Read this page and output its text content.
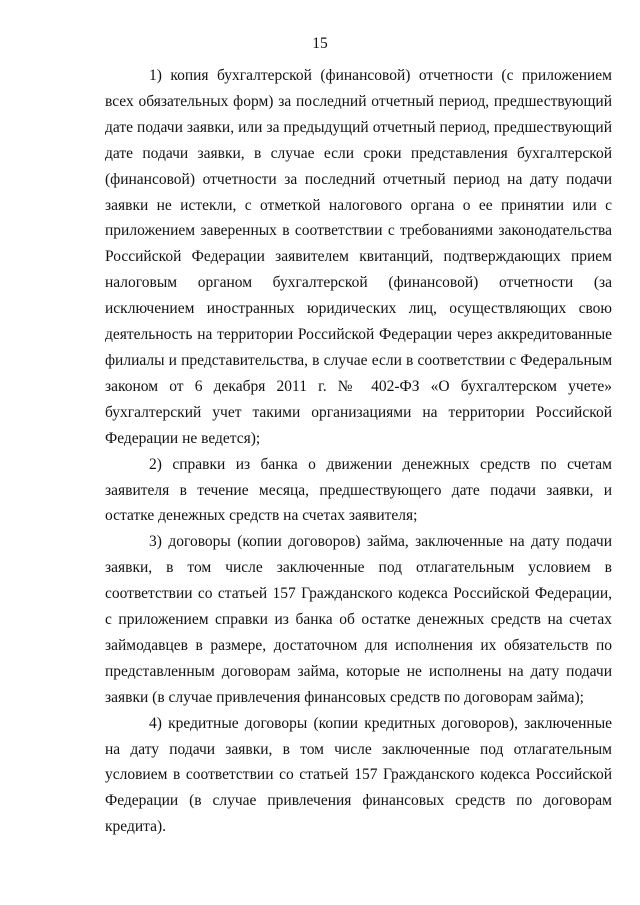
15

1) копия бухгалтерской (финансовой) отчетности (с приложением всех обязательных форм) за последний отчетный период, предшествующий дате подачи заявки, или за предыдущий отчетный период, предшествующий дате подачи заявки, в случае если сроки представления бухгалтерской (финансовой) отчетности за последний отчетный период на дату подачи заявки не истекли, с отметкой налогового органа о ее принятии или с приложением заверенных в соответствии с требованиями законодательства Российской Федерации заявителем квитанций, подтверждающих прием налоговым органом бухгалтерской (финансовой) отчетности (за исключением иностранных юридических лиц, осуществляющих свою деятельность на территории Российской Федерации через аккредитованные филиалы и представительства, в случае если в соответствии с Федеральным законом от 6 декабря 2011 г. № 402-ФЗ «О бухгалтерском учете» бухгалтерский учет такими организациями на территории Российской Федерации не ведется);

2) справки из банка о движении денежных средств по счетам заявителя в течение месяца, предшествующего дате подачи заявки, и остатке денежных средств на счетах заявителя;

3) договоры (копии договоров) займа, заключенные на дату подачи заявки, в том числе заключенные под отлагательным условием в соответствии со статьей 157 Гражданского кодекса Российской Федерации, с приложением справки из банка об остатке денежных средств на счетах займодавцев в размере, достаточном для исполнения их обязательств по представленным договорам займа, которые не исполнены на дату подачи заявки (в случае привлечения финансовых средств по договорам займа);

4) кредитные договоры (копии кредитных договоров), заключенные на дату подачи заявки, в том числе заключенные под отлагательным условием в соответствии со статьей 157 Гражданского кодекса Российской Федерации (в случае привлечения финансовых средств по договорам кредита).
